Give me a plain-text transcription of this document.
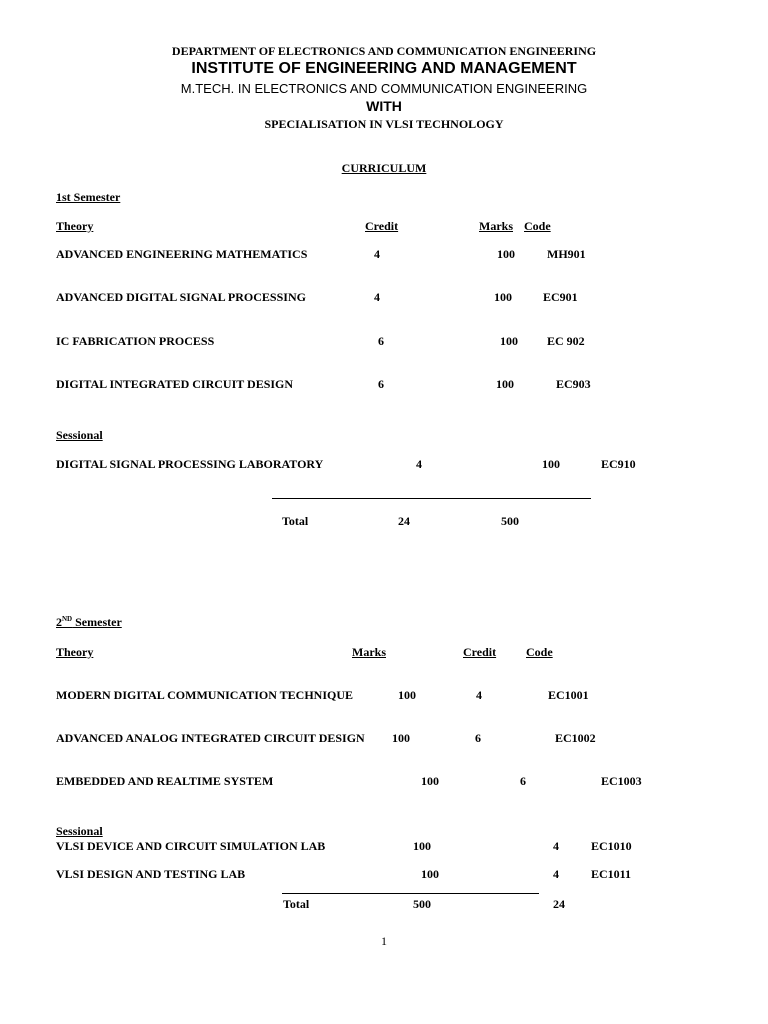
DEPARTMENT OF ELECTRONICS AND COMMUNICATION ENGINEERING
INSTITUTE OF ENGINEERING AND MANAGEMENT
M.TECH. IN ELECTRONICS AND COMMUNICATION ENGINEERING
WITH
SPECIALISATION IN VLSI TECHNOLOGY
CURRICULUM
1st Semester
Theory	Credit	Marks Code
ADVANCED ENGINEERING MATHEMATICS	4	100	MH901
ADVANCED DIGITAL SIGNAL PROCESSING	4	100	EC901
IC FABRICATION PROCESS	6	100 EC 902
DIGITAL INTEGRATED CIRCUIT DESIGN	6	100	EC903
Sessional
DIGITAL SIGNAL PROCESSING LABORATORY	4	100	EC910
Total	24	500
2ND Semester
Theory	Marks	Credit Code
MODERN DIGITAL COMMUNICATION TECHNIQUE	100	4	EC1001
ADVANCED ANALOG INTEGRATED CIRCUIT DESIGN 100	6	EC1002
EMBEDDED AND REALTIME SYSTEM	100	6	EC1003
Sessional
VLSI DEVICE AND CIRCUIT SIMULATION LAB	100	4	EC1010
VLSI DESIGN AND TESTING LAB	100	4	EC1011
Total	500	24
1
